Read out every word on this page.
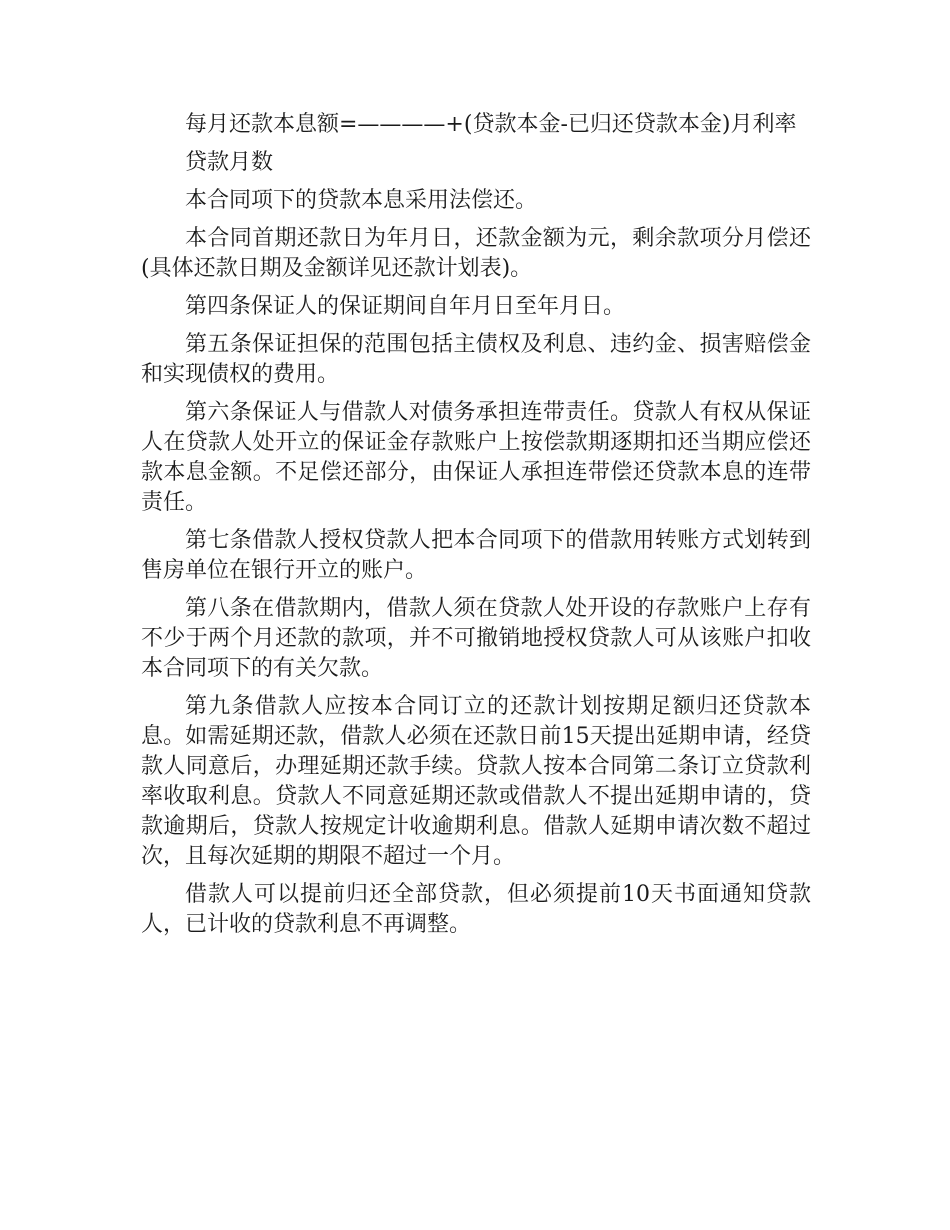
每月还款本息额=————+(贷款本金-已归还贷款本金)月利率

贷款月数

本合同项下的贷款本息采用法偿还。

本合同首期还款日为年月日，还款金额为元，剩余款项分月偿还(具体还款日期及金额详见还款计划表)。

第四条保证人的保证期间自年月日至年月日。

第五条保证担保的范围包括主债权及利息、违约金、损害赔偿金和实现债权的费用。

第六条保证人与借款人对债务承担连带责任。贷款人有权从保证人在贷款人处开立的保证金存款账户上按偿款期逐期扣还当期应偿还款本息金额。不足偿还部分，由保证人承担连带偿还贷款本息的连带责任。

第七条借款人授权贷款人把本合同项下的借款用转账方式划转到售房单位在银行开立的账户。

第八条在借款期内，借款人须在贷款人处开设的存款账户上存有不少于两个月还款的款项，并不可撤销地授权贷款人可从该账户扣收本合同项下的有关欠款。

第九条借款人应按本合同订立的还款计划按期足额归还贷款本息。如需延期还款，借款人必须在还款日前15天提出延期申请，经贷款人同意后，办理延期还款手续。贷款人按本合同第二条订立贷款利率收取利息。贷款人不同意延期还款或借款人不提出延期申请的，贷款逾期后，贷款人按规定计收逾期利息。借款人延期申请次数不超过次，且每次延期的期限不超过一个月。

借款人可以提前归还全部贷款，但必须提前10天书面通知贷款人，已计收的贷款利息不再调整。
